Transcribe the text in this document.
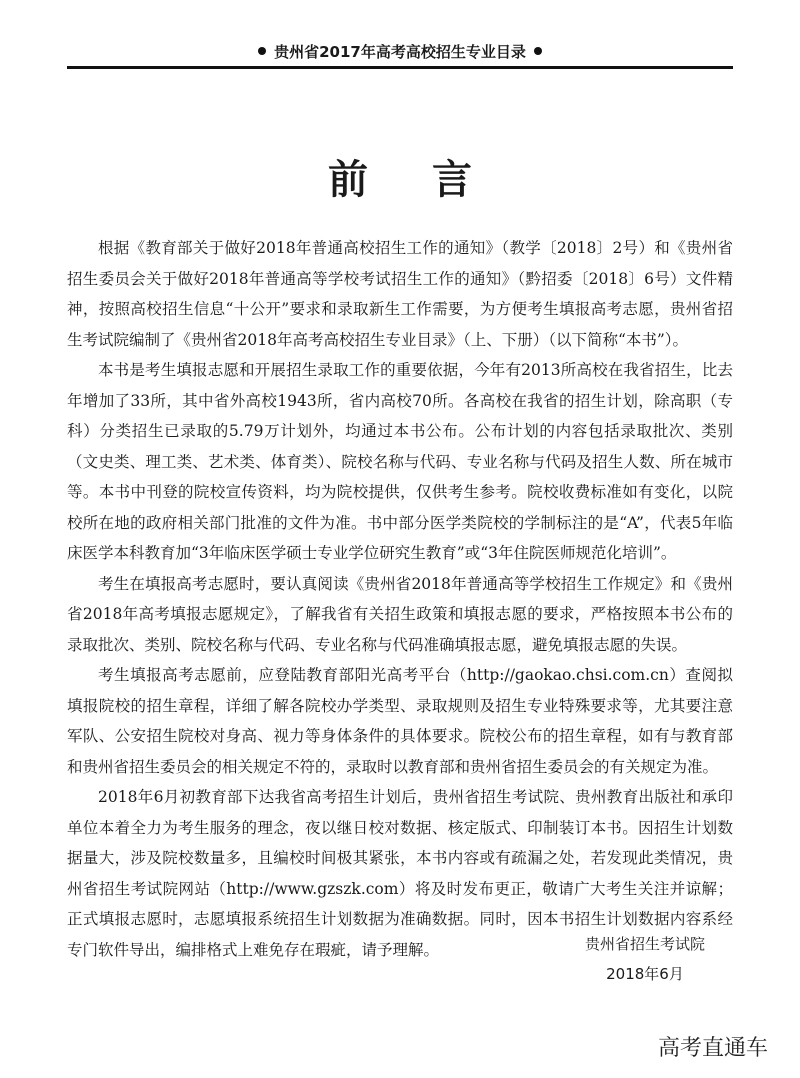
贵州省2017年高考高校招生专业目录
前言

根据《教育部关于做好2018年普通高校招生工作的通知》（教学〔2018〕2号）和《贵州省招生委员会关于做好2018年普通高等学校考试招生工作的通知》（黔招委〔2018〕6号）文件精神，按照高校招生信息“十公开”要求和录取新生工作需要，为方便考生填报高考志愿，贵州省招生考试院编制了《贵州省2018年高考高校招生专业目录》（上、下册）（以下简称“本书”）。

本书是考生填报志愿和开展招生录取工作的重要依据，今年有2013所高校在我省招生，比去年增加了33所，其中省外高校1943所，省内高校70所。各高校在我省的招生计划，除高职（专科）分类招生已录取的5.79万计划外，均通过本书公布。公布计划的内容包括录取批次、类别（文史类、理工类、艺术类、体育类）、院校名称与代码、专业名称与代码及招生人数、所在城市等。本书中刊登的院校宣传资料，均为院校提供，仅供考生参考。院校收费标准如有变化，以院校所在地的政府相关部门批准的文件为准。书中部分医学类院校的学制标注的是“A”，代表5年临床医学本科教育加“3年临床医学硕士专业学位研究生教育”或“3年住院医师规范化培训”。

考生在填报高考志愿时，要认真阅读《贵州省2018年普通高等学校招生工作规定》和《贵州省2018年高考填报志愿规定》，了解我省有关招生政策和填报志愿的要求，严格按照本书公布的录取批次、类别、院校名称与代码、专业名称与代码准确填报志愿，避免填报志愿的失误。

考生填报高考志愿前，应登陆教育部阳光高考平台（http://gaokao.chsi.com.cn）查阅拟填报院校的招生章程，详细了解各院校办学类型、录取规则及招生专业特殊要求等，尤其要注意军队、公安招生院校对身高、视力等身体条件的具体要求。院校公布的招生章程，如有与教育部和贵州省招生委员会的相关规定不符的，录取时以教育部和贵州省招生委员会的有关规定为准。

2018年6月初教育部下达我省高考招生计划后，贵州省招生考试院、贵州教育出版社和承印单位本着全力为考生服务的理念，夜以继日校对数据、核定版式、印制装订本书。因招生计划数据量大，涉及院校数量多，且编校时间极其紧张，本书内容或有疏漏之处，若发现此类情况，贵州省招生考试院网站（http://www.gzszk.com）将及时发布更正，敬请广大考生关注并谅解；正式填报志愿时，志愿填报系统招生计划数据为准确数据。同时，因本书招生计划数据内容系经专门软件导出，编排格式上难免存在瑕疵，请予理解。	贵州省招生考试院
2018年6月
高考直通车
